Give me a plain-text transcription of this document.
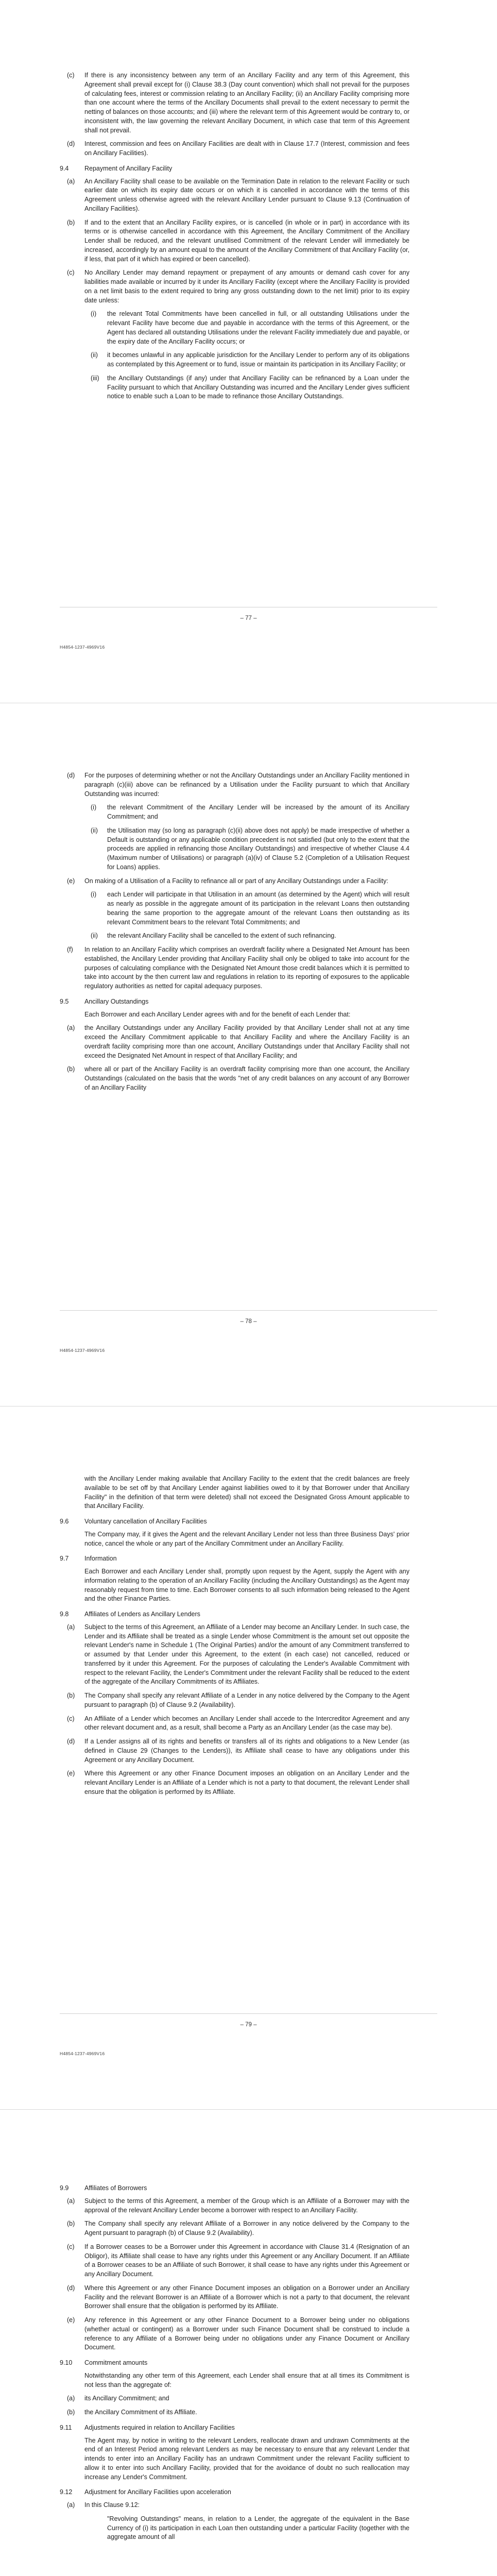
(c)	If there is any inconsistency between any term of an Ancillary Facility and any term of this Agreement, this Agreement shall prevail except for (i) Clause 38.3 (Day count convention) which shall not prevail for the purposes of calculating fees, interest or commission relating to an Ancillary Facility; (ii) an Ancillary Facility comprising more than one account where the terms of the Ancillary Documents shall prevail to the extent necessary to permit the netting of balances on those accounts; and (iii) where the relevant term of this Agreement would be contrary to, or inconsistent with, the law governing the relevant Ancillary Document, in which case that term of this Agreement shall not prevail.
(d)	Interest, commission and fees on Ancillary Facilities are dealt with in Clause 17.7 (Interest, commission and fees on Ancillary Facilities).
9.4	Repayment of Ancillary Facility
(a)	An Ancillary Facility shall cease to be available on the Termination Date in relation to the relevant Facility or such earlier date on which its expiry date occurs or on which it is cancelled in accordance with the terms of this Agreement unless otherwise agreed with the relevant Ancillary Lender pursuant to Clause 9.13 (Continuation of Ancillary Facilities).
(b)	If and to the extent that an Ancillary Facility expires, or is cancelled (in whole or in part) in accordance with its terms or is otherwise cancelled in accordance with this Agreement, the Ancillary Commitment of the Ancillary Lender shall be reduced, and the relevant unutilised Commitment of the relevant Lender will immediately be increased, accordingly by an amount equal to the amount of the Ancillary Commitment of that Ancillary Facility (or, if less, that part of it which has expired or been cancelled).
(c)	No Ancillary Lender may demand repayment or prepayment of any amounts or demand cash cover for any liabilities made available or incurred by it under its Ancillary Facility (except where the Ancillary Facility is provided on a net limit basis to the extent required to bring any gross outstanding down to the net limit) prior to its expiry date unless:
(i)	the relevant Total Commitments have been cancelled in full, or all outstanding Utilisations under the relevant Facility have become due and payable in accordance with the terms of this Agreement, or the Agent has declared all outstanding Utilisations under the relevant Facility immediately due and payable, or the expiry date of the Ancillary Facility occurs; or
(ii)	it becomes unlawful in any applicable jurisdiction for the Ancillary Lender to perform any of its obligations as contemplated by this Agreement or to fund, issue or maintain its participation in its Ancillary Facility; or
(iii)	the Ancillary Outstandings (if any) under that Ancillary Facility can be refinanced by a Loan under the Facility pursuant to which that Ancillary Outstanding was incurred and the Ancillary Lender gives sufficient notice to enable such a Loan to be made to refinance those Ancillary Outstandings.
– 77 –
H4854-1237-4969V16
(d)	For the purposes of determining whether or not the Ancillary Outstandings under an Ancillary Facility mentioned in paragraph (c)(iii) above can be refinanced by a Utilisation under the Facility pursuant to which that Ancillary Outstanding was incurred:
(i)	the relevant Commitment of the Ancillary Lender will be increased by the amount of its Ancillary Commitment; and
(ii)	the Utilisation may (so long as paragraph (c)(ii) above does not apply) be made irrespective of whether a Default is outstanding or any applicable condition precedent is not satisfied (but only to the extent that the proceeds are applied in refinancing those Ancillary Outstandings) and irrespective of whether Clause 4.4 (Maximum number of Utilisations) or paragraph (a)(iv) of Clause 5.2 (Completion of a Utilisation Request for Loans) applies.
(e)	On making of a Utilisation of a Facility to refinance all or part of any Ancillary Outstandings under a Facility:
(i)	each Lender will participate in that Utilisation in an amount (as determined by the Agent) which will result as nearly as possible in the aggregate amount of its participation in the relevant Loans then outstanding bearing the same proportion to the aggregate amount of the relevant Loans then outstanding as its relevant Commitment bears to the relevant Total Commitments; and
(ii)	the relevant Ancillary Facility shall be cancelled to the extent of such refinancing.
(f)	In relation to an Ancillary Facility which comprises an overdraft facility where a Designated Net Amount has been established, the Ancillary Lender providing that Ancillary Facility shall only be obliged to take into account for the purposes of calculating compliance with the Designated Net Amount those credit balances which it is permitted to take into account by the then current law and regulations in relation to its reporting of exposures to the applicable regulatory authorities as netted for capital adequacy purposes.
9.5	Ancillary Outstandings
Each Borrower and each Ancillary Lender agrees with and for the benefit of each Lender that:
(a)	the Ancillary Outstandings under any Ancillary Facility provided by that Ancillary Lender shall not at any time exceed the Ancillary Commitment applicable to that Ancillary Facility and where the Ancillary Facility is an overdraft facility comprising more than one account, Ancillary Outstandings under that Ancillary Facility shall not exceed the Designated Net Amount in respect of that Ancillary Facility; and
(b)	where all or part of the Ancillary Facility is an overdraft facility comprising more than one account, the Ancillary Outstandings (calculated on the basis that the words "net of any credit balances on any account of any Borrower of an Ancillary Facility
– 78 –
H4854-1237-4969V16
with the Ancillary Lender making available that Ancillary Facility to the extent that the credit balances are freely available to be set off by that Ancillary Lender against liabilities owed to it by that Borrower under that Ancillary Facility" in the definition of that term were deleted) shall not exceed the Designated Gross Amount applicable to that Ancillary Facility.
9.6	Voluntary cancellation of Ancillary Facilities
The Company may, if it gives the Agent and the relevant Ancillary Lender not less than three Business Days' prior notice, cancel the whole or any part of the Ancillary Commitment under an Ancillary Facility.
9.7	Information
Each Borrower and each Ancillary Lender shall, promptly upon request by the Agent, supply the Agent with any information relating to the operation of an Ancillary Facility (including the Ancillary Outstandings) as the Agent may reasonably request from time to time. Each Borrower consents to all such information being released to the Agent and the other Finance Parties.
9.8	Affiliates of Lenders as Ancillary Lenders
(a)	Subject to the terms of this Agreement, an Affiliate of a Lender may become an Ancillary Lender. In such case, the Lender and its Affiliate shall be treated as a single Lender whose Commitment is the amount set out opposite the relevant Lender's name in Schedule 1 (The Original Parties) and/or the amount of any Commitment transferred to or assumed by that Lender under this Agreement, to the extent (in each case) not cancelled, reduced or transferred by it under this Agreement. For the purposes of calculating the Lender's Available Commitment with respect to the relevant Facility, the Lender's Commitment under the relevant Facility shall be reduced to the extent of the aggregate of the Ancillary Commitments of its Affiliates.
(b)	The Company shall specify any relevant Affiliate of a Lender in any notice delivered by the Company to the Agent pursuant to paragraph (b) of Clause 9.2 (Availability).
(c)	An Affiliate of a Lender which becomes an Ancillary Lender shall accede to the Intercreditor Agreement and any other relevant document and, as a result, shall become a Party as an Ancillary Lender (as the case may be).
(d)	If a Lender assigns all of its rights and benefits or transfers all of its rights and obligations to a New Lender (as defined in Clause 29 (Changes to the Lenders)), its Affiliate shall cease to have any obligations under this Agreement or any Ancillary Document.
(e)	Where this Agreement or any other Finance Document imposes an obligation on an Ancillary Lender and the relevant Ancillary Lender is an Affiliate of a Lender which is not a party to that document, the relevant Lender shall ensure that the obligation is performed by its Affiliate.
– 79 –
H4854-1237-4969V16
9.9	Affiliates of Borrowers
(a)	Subject to the terms of this Agreement, a member of the Group which is an Affiliate of a Borrower may with the approval of the relevant Ancillary Lender become a borrower with respect to an Ancillary Facility.
(b)	The Company shall specify any relevant Affiliate of a Borrower in any notice delivered by the Company to the Agent pursuant to paragraph (b) of Clause 9.2 (Availability).
(c)	If a Borrower ceases to be a Borrower under this Agreement in accordance with Clause 31.4 (Resignation of an Obligor), its Affiliate shall cease to have any rights under this Agreement or any Ancillary Document. If an Affiliate of a Borrower ceases to be an Affiliate of such Borrower, it shall cease to have any rights under this Agreement or any Ancillary Document.
(d)	Where this Agreement or any other Finance Document imposes an obligation on a Borrower under an Ancillary Facility and the relevant Borrower is an Affiliate of a Borrower which is not a party to that document, the relevant Borrower shall ensure that the obligation is performed by its Affiliate.
(e)	Any reference in this Agreement or any other Finance Document to a Borrower being under no obligations (whether actual or contingent) as a Borrower under such Finance Document shall be construed to include a reference to any Affiliate of a Borrower being under no obligations under any Finance Document or Ancillary Document.
9.10	Commitment amounts
Notwithstanding any other term of this Agreement, each Lender shall ensure that at all times its Commitment is not less than the aggregate of:
(a)	its Ancillary Commitment; and
(b)	the Ancillary Commitment of its Affiliate.
9.11	Adjustments required in relation to Ancillary Facilities
The Agent may, by notice in writing to the relevant Lenders, reallocate drawn and undrawn Commitments at the end of an Interest Period among relevant Lenders as may be necessary to ensure that any relevant Lender that intends to enter into an Ancillary Facility has an undrawn Commitment under the relevant Facility sufficient to allow it to enter into such Ancillary Facility, provided that for the avoidance of doubt no such reallocation may increase any Lender's Commitment.
9.12	Adjustment for Ancillary Facilities upon acceleration
(a)	In this Clause 9.12:
"Revolving Outstandings" means, in relation to a Lender, the aggregate of the equivalent in the Base Currency of (i) its participation in each Loan then outstanding under a particular Facility (together with the aggregate amount of all
